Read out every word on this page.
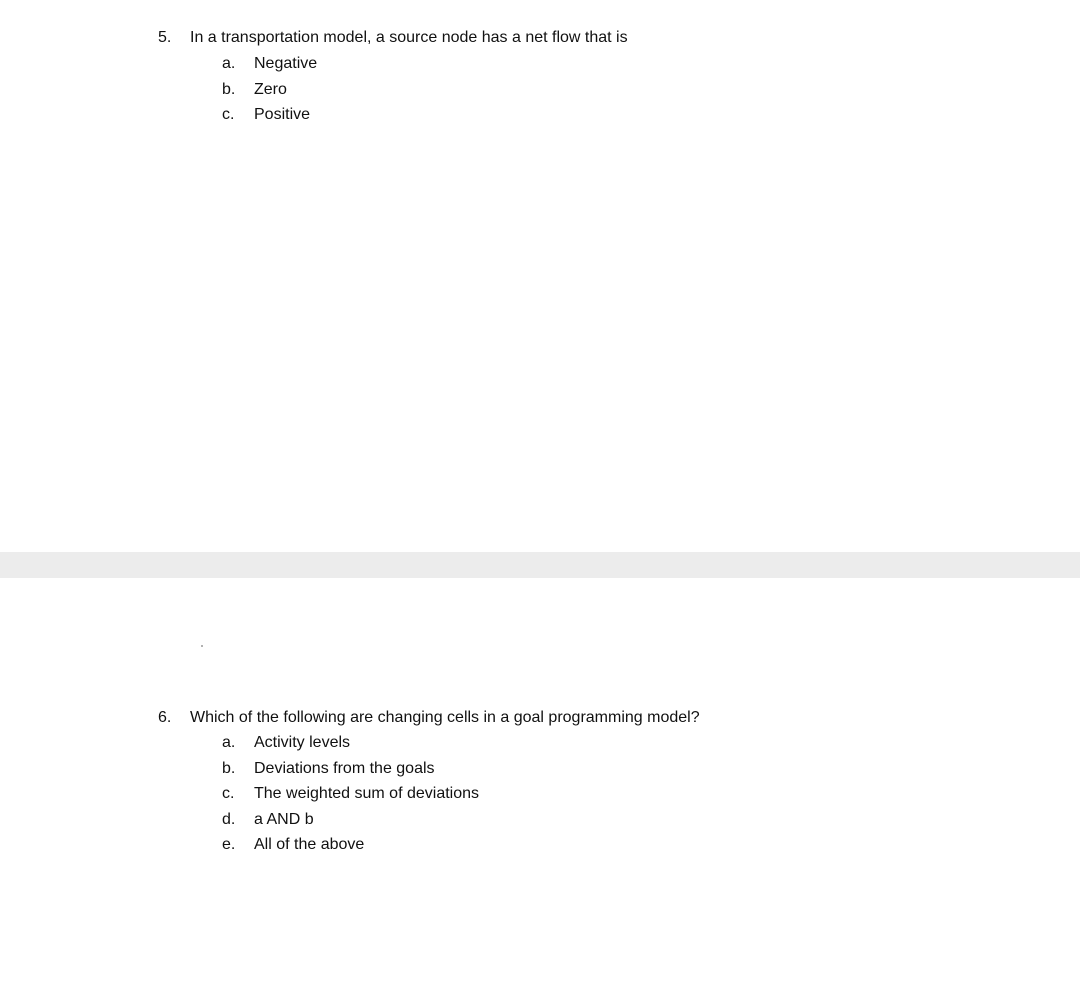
5. In a transportation model, a source node has a net flow that is
a. Negative
b. Zero
c. Positive
6. Which of the following are changing cells in a goal programming model?
a. Activity levels
b. Deviations from the goals
c. The weighted sum of deviations
d. a AND b
e. All of the above
